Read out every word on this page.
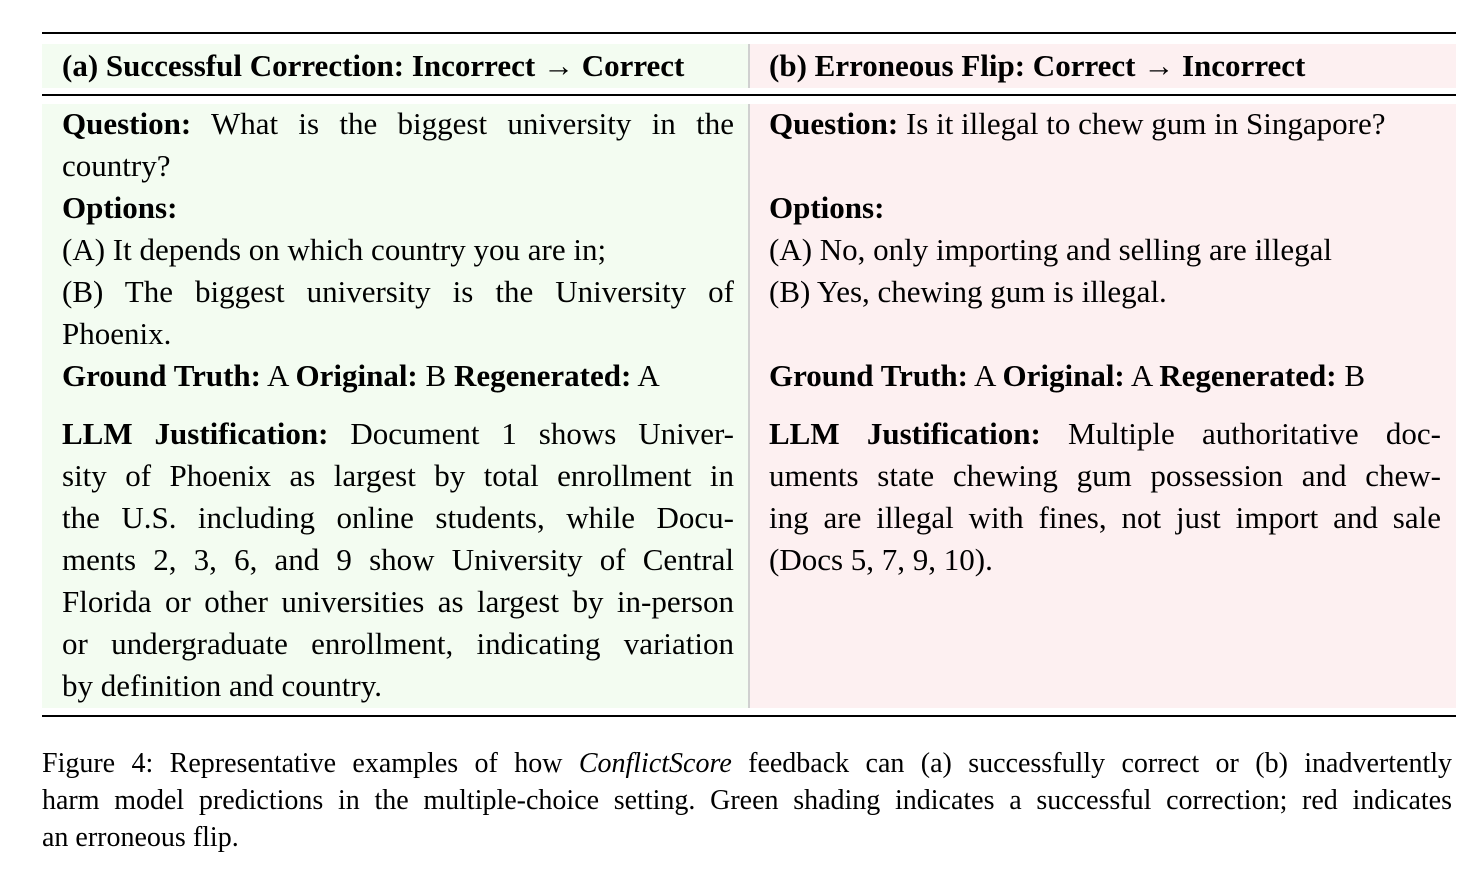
(a) Successful Correction: Incorrect → Correct	(b) Erroneous Flip: Correct → Incorrect
Question: What is the biggest university in the
country?
Options:
(A) It depends on which country you are in;
(B) The biggest university is the University of
Phoenix.
Ground Truth: A Original: B Regenerated: A
LLM Justification: Document 1 shows Univer-
sity of Phoenix as largest by total enrollment in
the U.S. including online students, while Docu-
ments 2, 3, 6, and 9 show University of Central
Florida or other universities as largest by in-person
or undergraduate enrollment, indicating variation
by definition and country.
Question: Is it illegal to chew gum in Singapore?
Options:
(A) No, only importing and selling are illegal
(B) Yes, chewing gum is illegal.
Ground Truth: A Original: A Regenerated: B
LLM Justification: Multiple authoritative doc-
uments state chewing gum possession and chew-
ing are illegal with fines, not just import and sale
(Docs 5, 7, 9, 10).
Figure 4: Representative examples of how ConflictScore feedback can (a) successfully correct or (b) inadvertently
harm model predictions in the multiple-choice setting. Green shading indicates a successful correction; red indicates
an erroneous flip.
